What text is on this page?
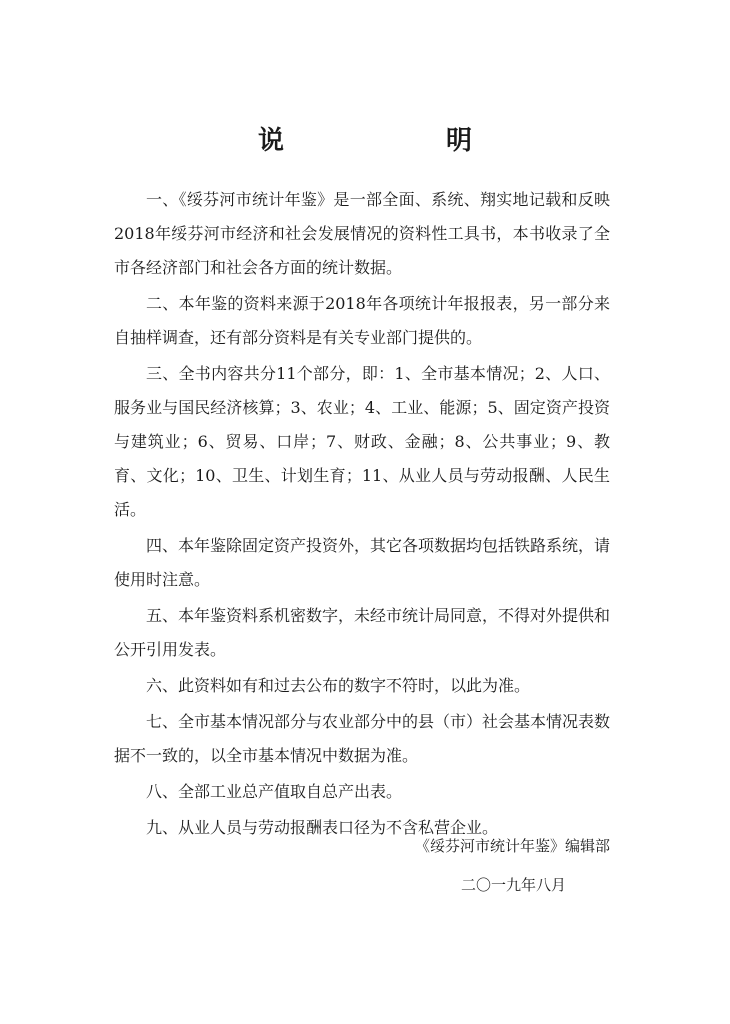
说　明

一、《绥芬河市统计年鉴》是一部全面、系统、翔实地记载和反映2018年绥芬河市经济和社会发展情况的资料性工具书，本书收录了全市各经济部门和社会各方面的统计数据。

二、本年鉴的资料来源于2018年各项统计年报报表，另一部分来自抽样调查，还有部分资料是有关专业部门提供的。

三、全书内容共分11个部分，即：1、全市基本情况；2、人口、服务业与国民经济核算；3、农业；4、工业、能源；5、固定资产投资与建筑业；6、贸易、口岸；7、财政、金融；8、公共事业；9、教育、文化；10、卫生、计划生育；11、从业人员与劳动报酬、人民生活。

四、本年鉴除固定资产投资外，其它各项数据均包括铁路系统，请使用时注意。

五、本年鉴资料系机密数字，未经市统计局同意，不得对外提供和公开引用发表。

六、此资料如有和过去公布的数字不符时，以此为准。

七、全市基本情况部分与农业部分中的县（市）社会基本情况表数据不一致的，以全市基本情况中数据为准。

八、全部工业总产值取自总产出表。

九、从业人员与劳动报酬表口径为不含私营企业。

《绥芬河市统计年鉴》编辑部
二〇一九年八月
